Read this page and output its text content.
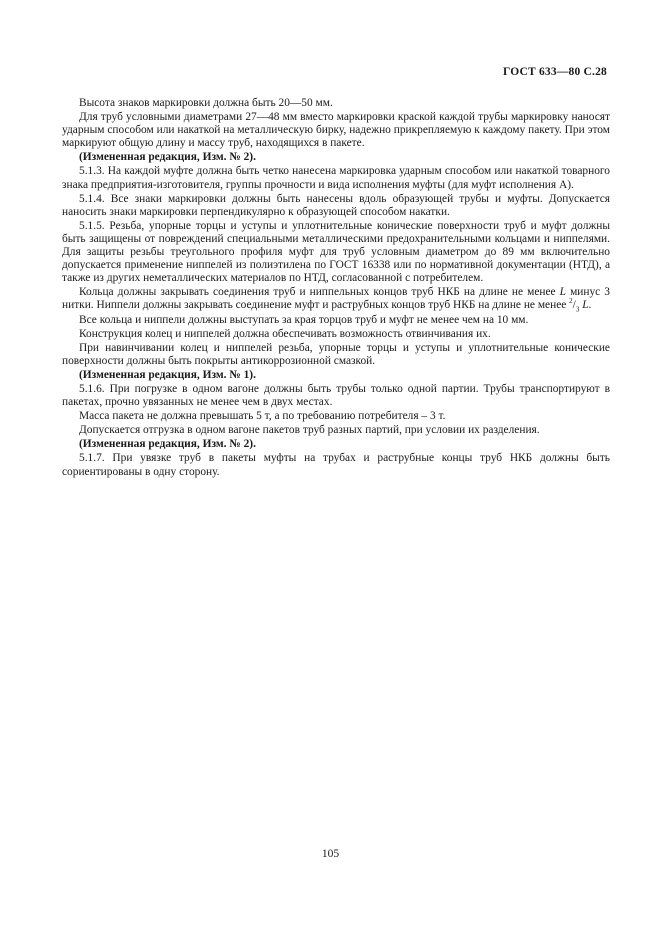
ГОСТ 633—80 С.28

Высота знаков маркировки должна быть 20—50 мм.

Для труб условными диаметрами 27—48 мм вместо маркировки краской каждой трубы маркировку наносят ударным способом или накаткой на металлическую бирку, надежно прикрепляемую к каждому пакету. При этом маркируют общую длину и массу труб, находящихся в пакете.

(Измененная редакция, Изм. № 2).

5.1.3. На каждой муфте должна быть четко нанесена маркировка ударным способом или накаткой товарного знака предприятия-изготовителя, группы прочности и вида исполнения муфты (для муфт исполнения А).

5.1.4. Все знаки маркировки должны быть нанесены вдоль образующей трубы и муфты. Допускается наносить знаки маркировки перпендикулярно к образующей способом накатки.

5.1.5. Резьба, упорные торцы и уступы и уплотнительные конические поверхности труб и муфт должны быть защищены от повреждений специальными металлическими предохранительными кольцами и ниппелями. Для защиты резьбы треугольного профиля муфт для труб условным диаметром до 89 мм включительно допускается применение ниппелей из полиэтилена по ГОСТ 16338 или по нормативной документации (НТД), а также из других неметаллических материалов по НТД, согласованной с потребителем.

Кольца должны закрывать соединения труб и ниппельных концов труб НКБ на длине не менее L минус 3 нитки. Ниппели должны закрывать соединение муфт и раструбных концов труб НКБ на длине не менее $^2/_3$ L.

Все кольца и ниппели должны выступать за края торцов труб и муфт не менее чем на 10 мм.

Конструкция колец и ниппелей должна обеспечивать возможность отвинчивания их.

При навинчивании колец и ниппелей резьба, упорные торцы и уступы и уплотнительные конические поверхности должны быть покрыты антикоррозионной смазкой.

(Измененная редакция, Изм. № 1).

5.1.6. При погрузке в одном вагоне должны быть трубы только одной партии. Трубы транспортируют в пакетах, прочно увязанных не менее чем в двух местах.

Масса пакета не должна превышать 5 т, а по требованию потребителя – 3 т.

Допускается отгрузка в одном вагоне пакетов труб разных партий, при условии их разделения.

(Измененная редакция, Изм. № 2).

5.1.7. При увязке труб в пакеты муфты на трубах и раструбные концы труб НКБ должны быть сориентированы в одну сторону.

105
